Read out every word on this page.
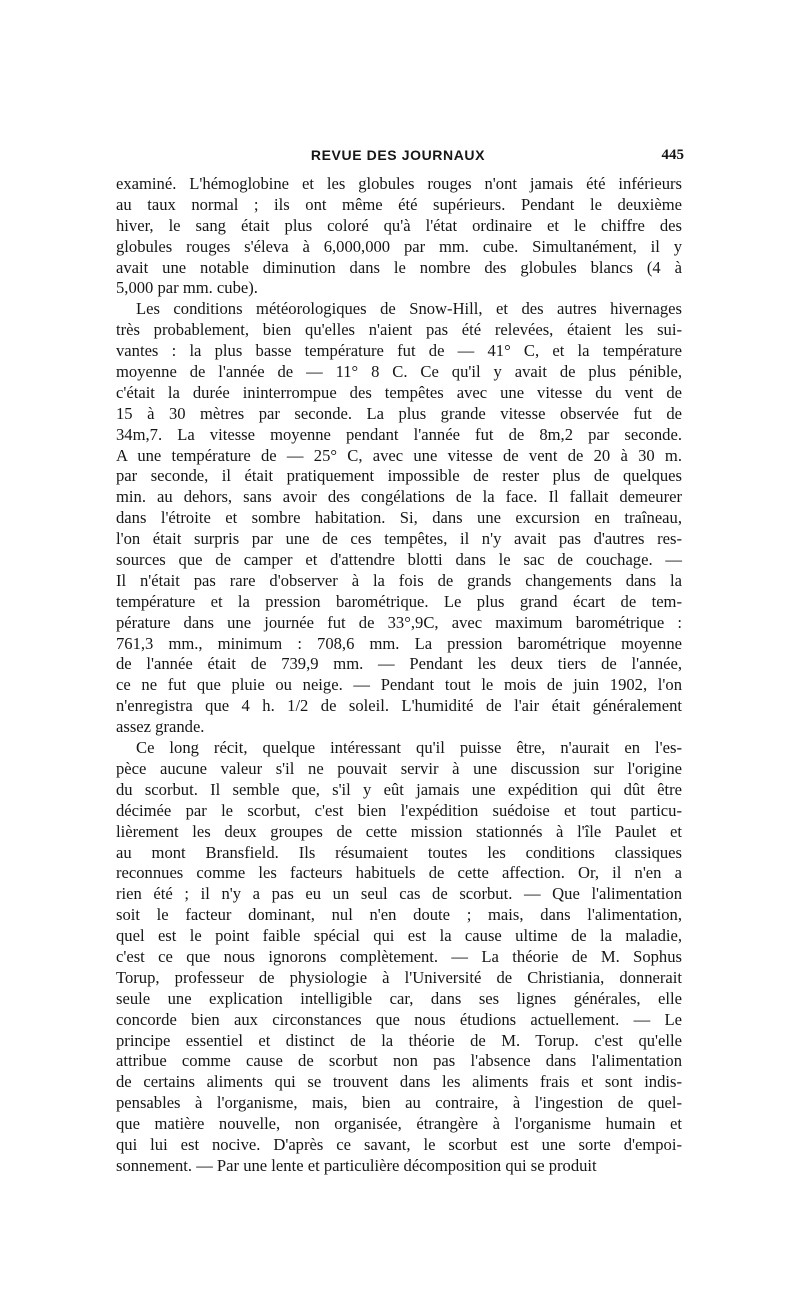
REVUE DES JOURNAUX	445
examiné. L'hémoglobine et les globules rouges n'ont jamais été inférieurs
au taux normal ; ils ont même été supérieurs. Pendant le deuxième
hiver, le sang était plus coloré qu'à l'état ordinaire et le chiffre des
globules rouges s'éleva à 6,000,000 par mm. cube. Simultanément, il y
avait une notable diminution dans le nombre des globules blancs (4 à
5,000 par mm. cube).
Les conditions météorologiques de Snow-Hill, et des autres hivernages
très probablement, bien qu'elles n'aient pas été relevées, étaient les sui-
vantes : la plus basse température fut de — 41° C, et la température
moyenne de l'année de — 11° 8 C. Ce qu'il y avait de plus pénible,
c'était la durée ininterrompue des tempêtes avec une vitesse du vent de
15 à 30 mètres par seconde. La plus grande vitesse observée fut de
34m,7. La vitesse moyenne pendant l'année fut de 8m,2 par seconde.
A une température de — 25° C, avec une vitesse de vent de 20 à 30 m.
par seconde, il était pratiquement impossible de rester plus de quelques
min. au dehors, sans avoir des congélations de la face. Il fallait demeurer
dans l'étroite et sombre habitation. Si, dans une excursion en traîneau,
l'on était surpris par une de ces tempêtes, il n'y avait pas d'autres res-
sources que de camper et d'attendre blotti dans le sac de couchage. —
Il n'était pas rare d'observer à la fois de grands changements dans la
température et la pression barométrique. Le plus grand écart de tem-
pérature dans une journée fut de 33°,9C, avec maximum barométrique :
761,3 mm., minimum : 708,6 mm. La pression barométrique moyenne
de l'année était de 739,9 mm. — Pendant les deux tiers de l'année,
ce ne fut que pluie ou neige. — Pendant tout le mois de juin 1902, l'on
n'enregistra que 4 h. 1/2 de soleil. L'humidité de l'air était généralement
assez grande.
Ce long récit, quelque intéressant qu'il puisse être, n'aurait en l'es-
pèce aucune valeur s'il ne pouvait servir à une discussion sur l'origine
du scorbut. Il semble que, s'il y eût jamais une expédition qui dût être
décimée par le scorbut, c'est bien l'expédition suédoise et tout particu-
lièrement les deux groupes de cette mission stationnés à l'île Paulet et
au mont Bransfield. Ils résumaient toutes les conditions classiques
reconnues comme les facteurs habituels de cette affection. Or, il n'en a
rien été ; il n'y a pas eu un seul cas de scorbut. — Que l'alimentation
soit le facteur dominant, nul n'en doute ; mais, dans l'alimentation,
quel est le point faible spécial qui est la cause ultime de la maladie,
c'est ce que nous ignorons complètement. — La théorie de M. Sophus
Torup, professeur de physiologie à l'Université de Christiania, donnerait
seule une explication intelligible car, dans ses lignes générales, elle
concorde bien aux circonstances que nous étudions actuellement. — Le
principe essentiel et distinct de la théorie de M. Torup. c'est qu'elle
attribue comme cause de scorbut non pas l'absence dans l'alimentation
de certains aliments qui se trouvent dans les aliments frais et sont indis-
pensables à l'organisme, mais, bien au contraire, à l'ingestion de quel-
que matière nouvelle, non organisée, étrangère à l'organisme humain et
qui lui est nocive. D'après ce savant, le scorbut est une sorte d'empoi-
sonnement. — Par une lente et particulière décomposition qui se produit
